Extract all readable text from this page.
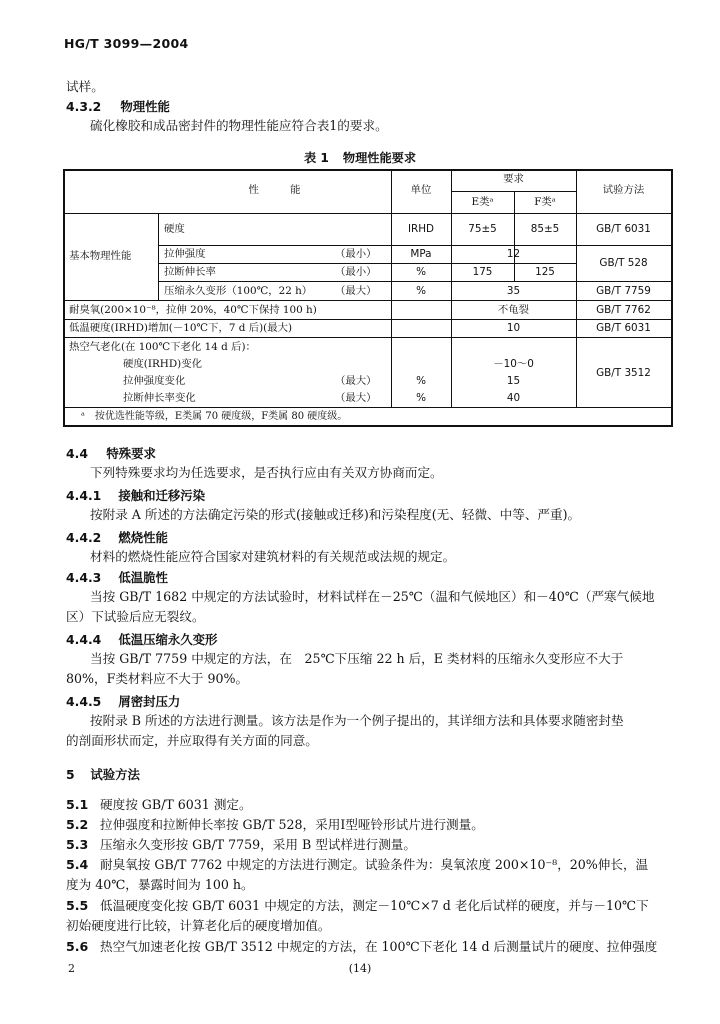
HG/T 3099—2004
试样。
4.3.2 物理性能
硫化橡胶和成品密封件的物理性能应符合表1的要求。
表 1 物理性能要求
性　　　能	单位
要求
E类ᵃ	F类ᵃ
试验方法
基本物理性能
硬度	IRHD	75±5	85±5	GB/T 6031
拉伸强度	（最小）	MPa	12
GB/T 528
拉断伸长率	（最小）	%	175	125
压缩永久变形（100℃，22 h） （最大）	%	35	GB/T 7759
耐臭氧(200×10⁻⁸，拉伸 20%，40℃下保持 100 h)	不龟裂	GB/T 7762
低温硬度(IRHD)增加(－10℃下，7 d 后)(最大)	10	GB/T 6031
热空气老化(在 100℃下老化 14 d 后)：
硬度(IRHD)变化	－10～0
拉伸强度变化	（最大）	%	15
拉断伸长率变化	（最大）	%	40
GB/T 3512
ᵃ　按优选性能等级，E类属 70 硬度级，F类属 80 硬度级。
4.4 特殊要求
下列特殊要求均为任选要求，是否执行应由有关双方协商而定。
4.4.1 接触和迁移污染
按附录 A 所述的方法确定污染的形式(接触或迁移)和污染程度(无、轻微、中等、严重)。
4.4.2 燃烧性能
材料的燃烧性能应符合国家对建筑材料的有关规范或法规的规定。
4.4.3 低温脆性
当按 GB/T 1682 中规定的方法试验时，材料试样在－25℃（温和气候地区）和－40℃（严寒气候地
区）下试验后应无裂纹。
4.4.4 低温压缩永久变形
当按 GB/T 7759 中规定的方法，在　25℃下压缩 22 h 后，E 类材料的压缩永久变形应不大于
80%，F类材料应不大于 90%。
4.4.5 屑密封压力
按附录 B 所述的方法进行测量。该方法是作为一个例子提出的，其详细方法和具体要求随密封垫
的剖面形状而定，并应取得有关方面的同意。
5 试验方法
5.1 硬度按 GB/T 6031 测定。
5.2 拉伸强度和拉断伸长率按 GB/T 528，采用Ⅰ型哑铃形试片进行测量。
5.3 压缩永久变形按 GB/T 7759，采用 B 型试样进行测量。
5.4 耐臭氧按 GB/T 7762 中规定的方法进行测定。试验条件为：臭氧浓度 200×10⁻⁸，20%伸长，温
度为 40℃，暴露时间为 100 h。
5.5 低温硬度变化按 GB/T 6031 中规定的方法，测定－10℃×7 d 老化后试样的硬度，并与－10℃下
初始硬度进行比较，计算老化后的硬度增加值。
5.6 热空气加速老化按 GB/T 3512 中规定的方法，在 100℃下老化 14 d 后测量试片的硬度、拉伸强度
2	(14)
